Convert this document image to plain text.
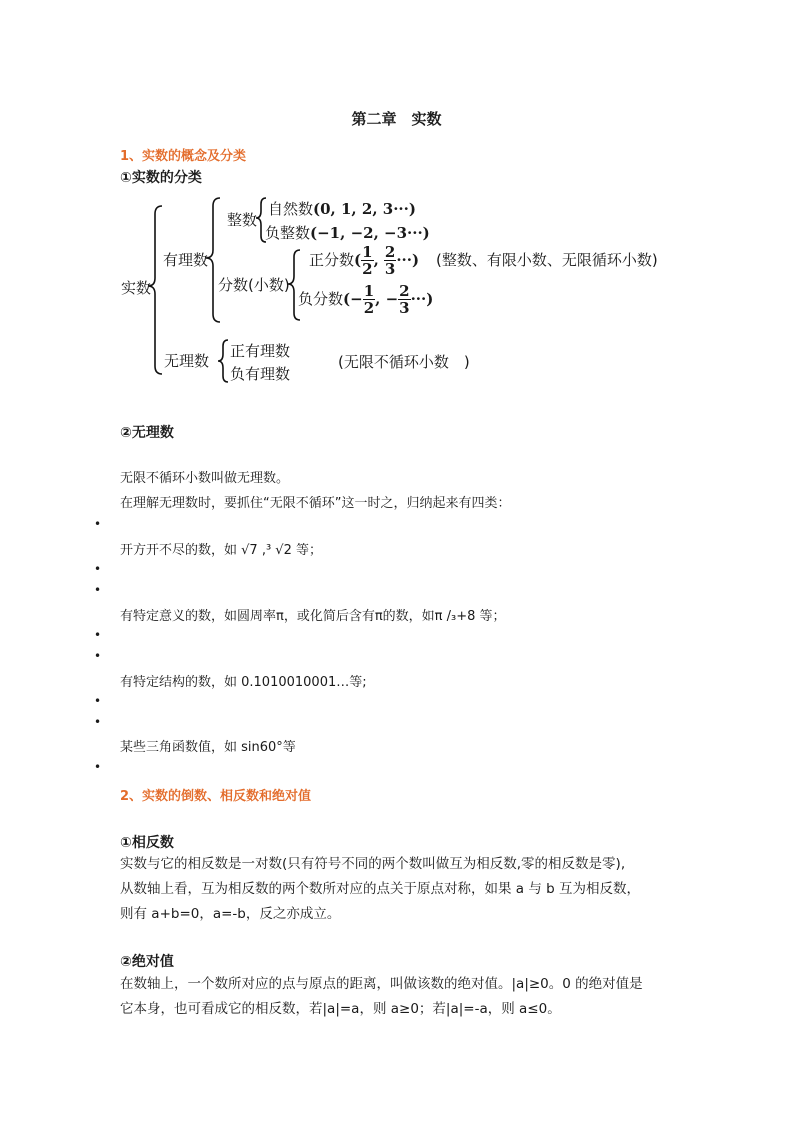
第二章　实数
1、实数的概念及分类
①实数的分类
实数
有理数
整数
自然数(0, 1, 2, 3···)
负整数(−1, −2, −3···)
分数(小数)
正分数( $\frac{1}{2}$ , $\frac{2}{3}$ ···) (整数、有限小数、无限循环小数)
负分数(− $\frac{1}{2}$ , − $\frac{2}{3}$ ···)
无理数
正有理数
负有理数
(无限不循环小数　)
②无理数
无限不循环小数叫做无理数。
在理解无理数时，要抓住“无限不循环”这一时之，归纳起来有四类：
•
开方开不尽的数，如 √7 ,³ √2 等；
•
•
有特定意义的数，如圆周率π，或化简后含有π的数，如π /₃+8 等；
•
•
有特定结构的数，如 0.1010010001…等;
•
•
某些三角函数值，如 sin60°等
•
2、实数的倒数、相反数和绝对值
①相反数
实数与它的相反数是一对数(只有符号不同的两个数叫做互为相反数,零的相反数是零),
从数轴上看，互为相反数的两个数所对应的点关于原点对称，如果 a 与 b 互为相反数，
则有 a+b=0，a=-b，反之亦成立。
②绝对值
在数轴上，一个数所对应的点与原点的距离，叫做该数的绝对值。|a|≥0。0 的绝对值是
它本身，也可看成它的相反数，若|a|=a，则 a≥0；若|a|=-a，则 a≤0。
